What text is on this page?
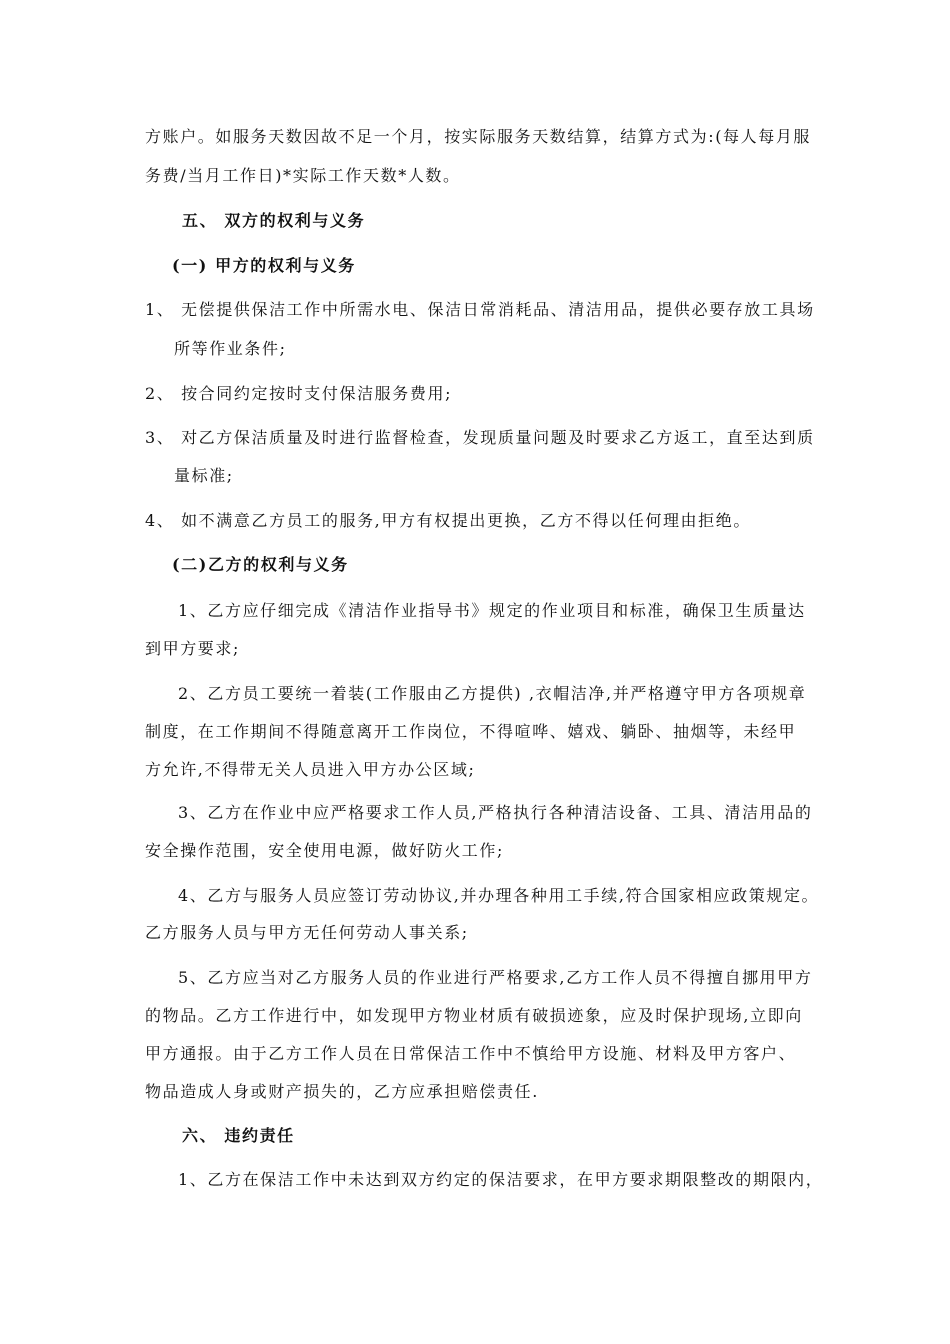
方账户。如服务天数因故不足一个月，按实际服务天数结算，结算方式为:(每人每月服
务费/当月工作日)*实际工作天数*人数。
五、 双方的权利与义务
(一) 甲方的权利与义务
1、 无偿提供保洁工作中所需水电、保洁日常消耗品、清洁用品，提供必要存放工具场
所等作业条件;
2、 按合同约定按时支付保洁服务费用;
3、 对乙方保洁质量及时进行监督检查，发现质量问题及时要求乙方返工，直至达到质
量标准;
4、 如不满意乙方员工的服务,甲方有权提出更换，乙方不得以任何理由拒绝。
(二)乙方的权利与义务
1、乙方应仔细完成《清洁作业指导书》规定的作业项目和标准，确保卫生质量达
到甲方要求;
2、乙方员工要统一着装(工作服由乙方提供) ,衣帽洁净,并严格遵守甲方各项规章
制度，在工作期间不得随意离开工作岗位，不得喧哗、嬉戏、躺卧、抽烟等，未经甲
方允许,不得带无关人员进入甲方办公区域;
3、乙方在作业中应严格要求工作人员,严格执行各种清洁设备、工具、清洁用品的
安全操作范围，安全使用电源，做好防火工作;
4、乙方与服务人员应签订劳动协议,并办理各种用工手续,符合国家相应政策规定。
乙方服务人员与甲方无任何劳动人事关系;
5、乙方应当对乙方服务人员的作业进行严格要求,乙方工作人员不得擅自挪用甲方
的物品。乙方工作进行中，如发现甲方物业材质有破损迹象，应及时保护现场,立即向
甲方通报。由于乙方工作人员在日常保洁工作中不慎给甲方设施、材料及甲方客户、
物品造成人身或财产损失的，乙方应承担赔偿责任.
六、 违约责任
1、乙方在保洁工作中未达到双方约定的保洁要求，在甲方要求期限整改的期限内，
